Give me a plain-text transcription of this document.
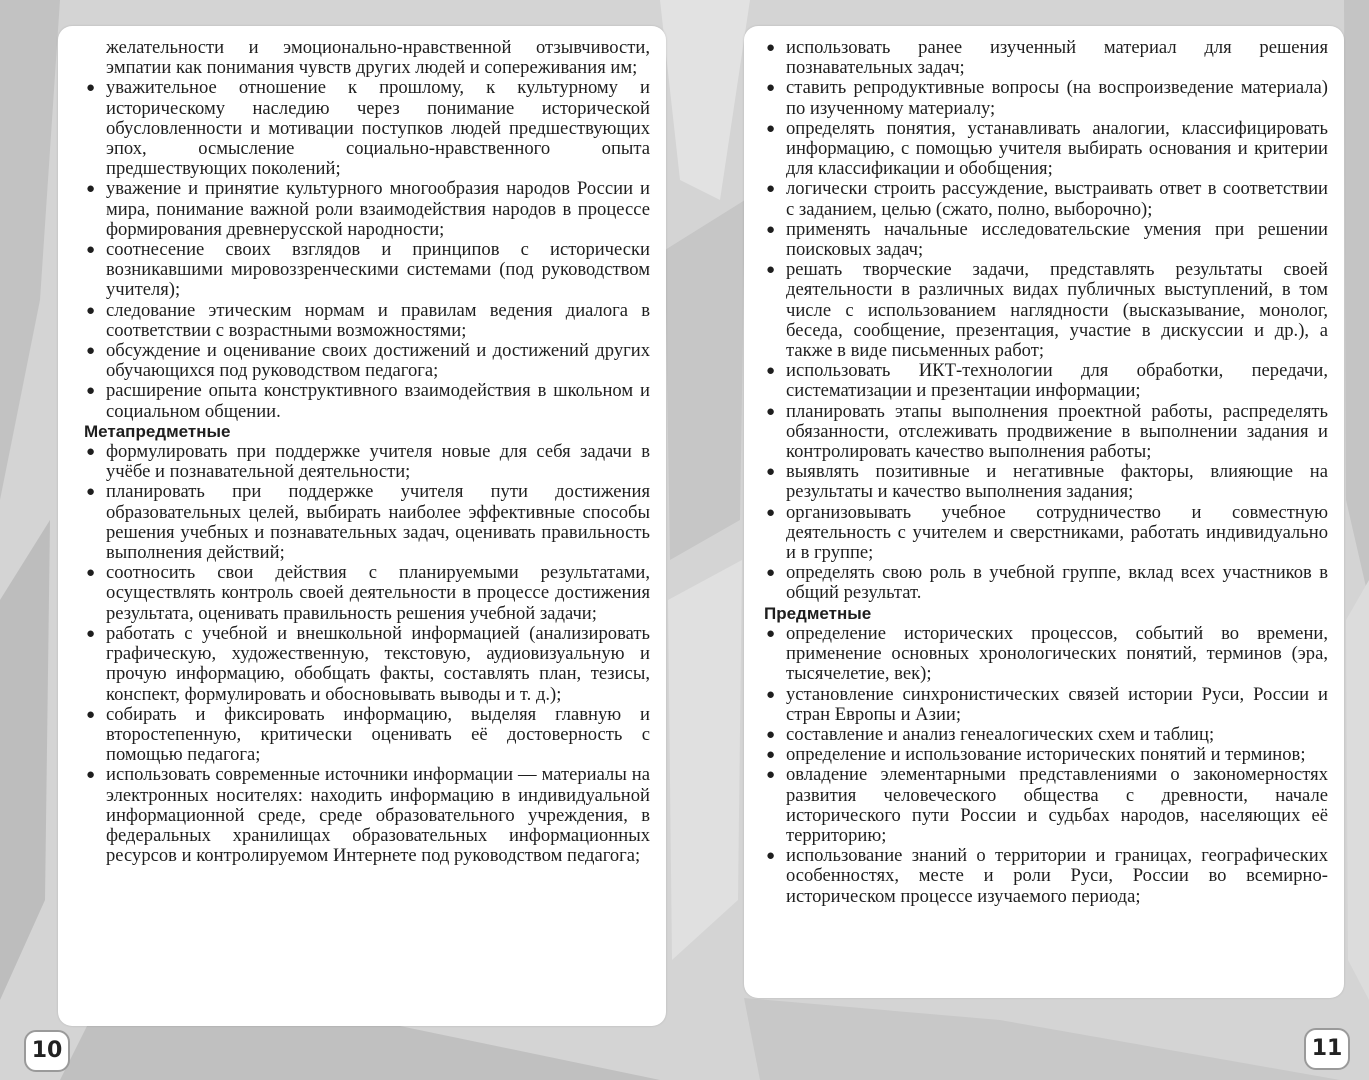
желательности и эмоционально-нравственной отзывчивости, эмпатии как понимания чувств других людей и сопереживания им;

● уважительное отношение к прошлому, к культурному и историческому наследию через понимание исторической обусловленности и мотивации поступков людей предшествующих эпох, осмысление социально-нравственного опыта предшествующих поколений;
● уважение и принятие культурного многообразия народов России и мира, понимание важной роли взаимодействия народов в процессе формирования древнерусской народности;
● соотнесение своих взглядов и принципов с исторически возникавшими мировоззренческими системами (под руководством учителя);
● следование этическим нормам и правилам ведения диалога в соответствии с возрастными возможностями;
● обсуждение и оценивание своих достижений и достижений других обучающихся под руководством педагога;
● расширение опыта конструктивного взаимодействия в школьном и социальном общении.

Метапредметные

● формулировать при поддержке учителя новые для себя задачи в учёбе и познавательной деятельности;
● планировать при поддержке учителя пути достижения образовательных целей, выбирать наиболее эффективные способы решения учебных и познавательных задач, оценивать правильность выполнения действий;
● соотносить свои действия с планируемыми результатами, осуществлять контроль своей деятельности в процессе достижения результата, оценивать правильность решения учебной задачи;
● работать с учебной и внешкольной информацией (анализировать графическую, художественную, текстовую, аудиовизуальную и прочую информацию, обобщать факты, составлять план, тезисы, конспект, формулировать и обосновывать выводы и т. д.);
● собирать и фиксировать информацию, выделяя главную и второстепенную, критически оценивать её достоверность с помощью педагога;
● использовать современные источники информации — материалы на электронных носителях: находить информацию в индивидуальной информационной среде, среде образовательного учреждения, в федеральных хранилищах образовательных информационных ресурсов и контролируемом Интернете под руководством педагога;
● использовать ранее изученный материал для решения познавательных задач;
● ставить репродуктивные вопросы (на воспроизведение материала) по изученному материалу;
● определять понятия, устанавливать аналогии, классифицировать информацию, с помощью учителя выбирать основания и критерии для классификации и обобщения;
● логически строить рассуждение, выстраивать ответ в соответствии с заданием, целью (сжато, полно, выборочно);
● применять начальные исследовательские умения при решении поисковых задач;
● решать творческие задачи, представлять результаты своей деятельности в различных видах публичных выступлений, в том числе с использованием наглядности (высказывание, монолог, беседа, сообщение, презентация, участие в дискуссии и др.), а также в виде письменных работ;
● использовать ИКТ-технологии для обработки, передачи, систематизации и презентации информации;
● планировать этапы выполнения проектной работы, распределять обязанности, отслеживать продвижение в выполнении задания и контролировать качество выполнения работы;
● выявлять позитивные и негативные факторы, влияющие на результаты и качество выполнения задания;
● организовывать учебное сотрудничество и совместную деятельность с учителем и сверстниками, работать индивидуально и в группе;
● определять свою роль в учебной группе, вклад всех участников в общий результат.

Предметные

● определение исторических процессов, событий во времени, применение основных хронологических понятий, терминов (эра, тысячелетие, век);
● установление синхронистических связей истории Руси, России и стран Европы и Азии;
● составление и анализ генеалогических схем и таблиц;
● определение и использование исторических понятий и терминов;
● овладение элементарными представлениями о закономерностях развития человеческого общества с древности, начале исторического пути России и судьбах народов, населяющих её территорию;
● использование знаний о территории и границах, географических особенностях, месте и роли Руси, России во всемирно-историческом процессе изучаемого периода;
10	11
